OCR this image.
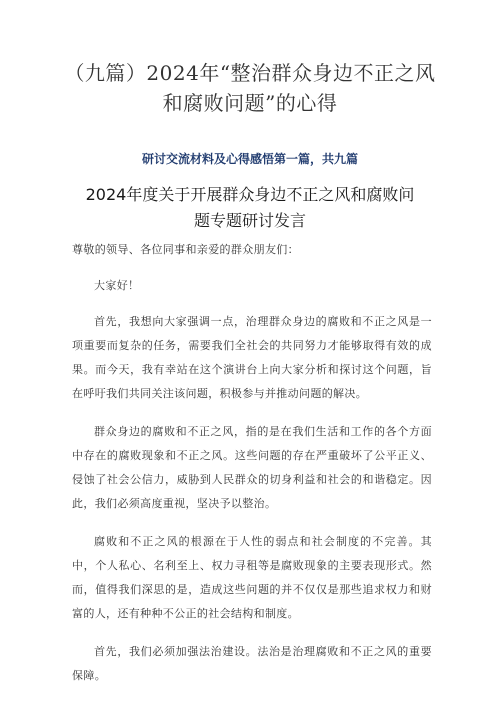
（九篇）2024年“整治群众身边不正之风
和腐败问题”的心得

研讨交流材料及心得感悟第一篇，共九篇

2024年度关于开展群众身边不正之风和腐败问
题专题研讨发言

尊敬的领导、各位同事和亲爱的群众朋友们：

大家好！

首先，我想向大家强调一点，治理群众身边的腐败和不正之风是一项重要而复杂的任务，需要我们全社会的共同努力才能够取得有效的成果。而今天，我有幸站在这个演讲台上向大家分析和探讨这个问题，旨在呼吁我们共同关注该问题，积极参与并推动问题的解决。

群众身边的腐败和不正之风，指的是在我们生活和工作的各个方面中存在的腐败现象和不正之风。这些问题的存在严重破坏了公平正义、侵蚀了社会公信力，威胁到人民群众的切身利益和社会的和谐稳定。因此，我们必须高度重视，坚决予以整治。

腐败和不正之风的根源在于人性的弱点和社会制度的不完善。其中，个人私心、名利至上、权力寻租等是腐败现象的主要表现形式。然而，值得我们深思的是，造成这些问题的并不仅仅是那些追求权力和财富的人，还有种种不公正的社会结构和制度。

首先，我们必须加强法治建设。法治是治理腐败和不正之风的重要保障。
